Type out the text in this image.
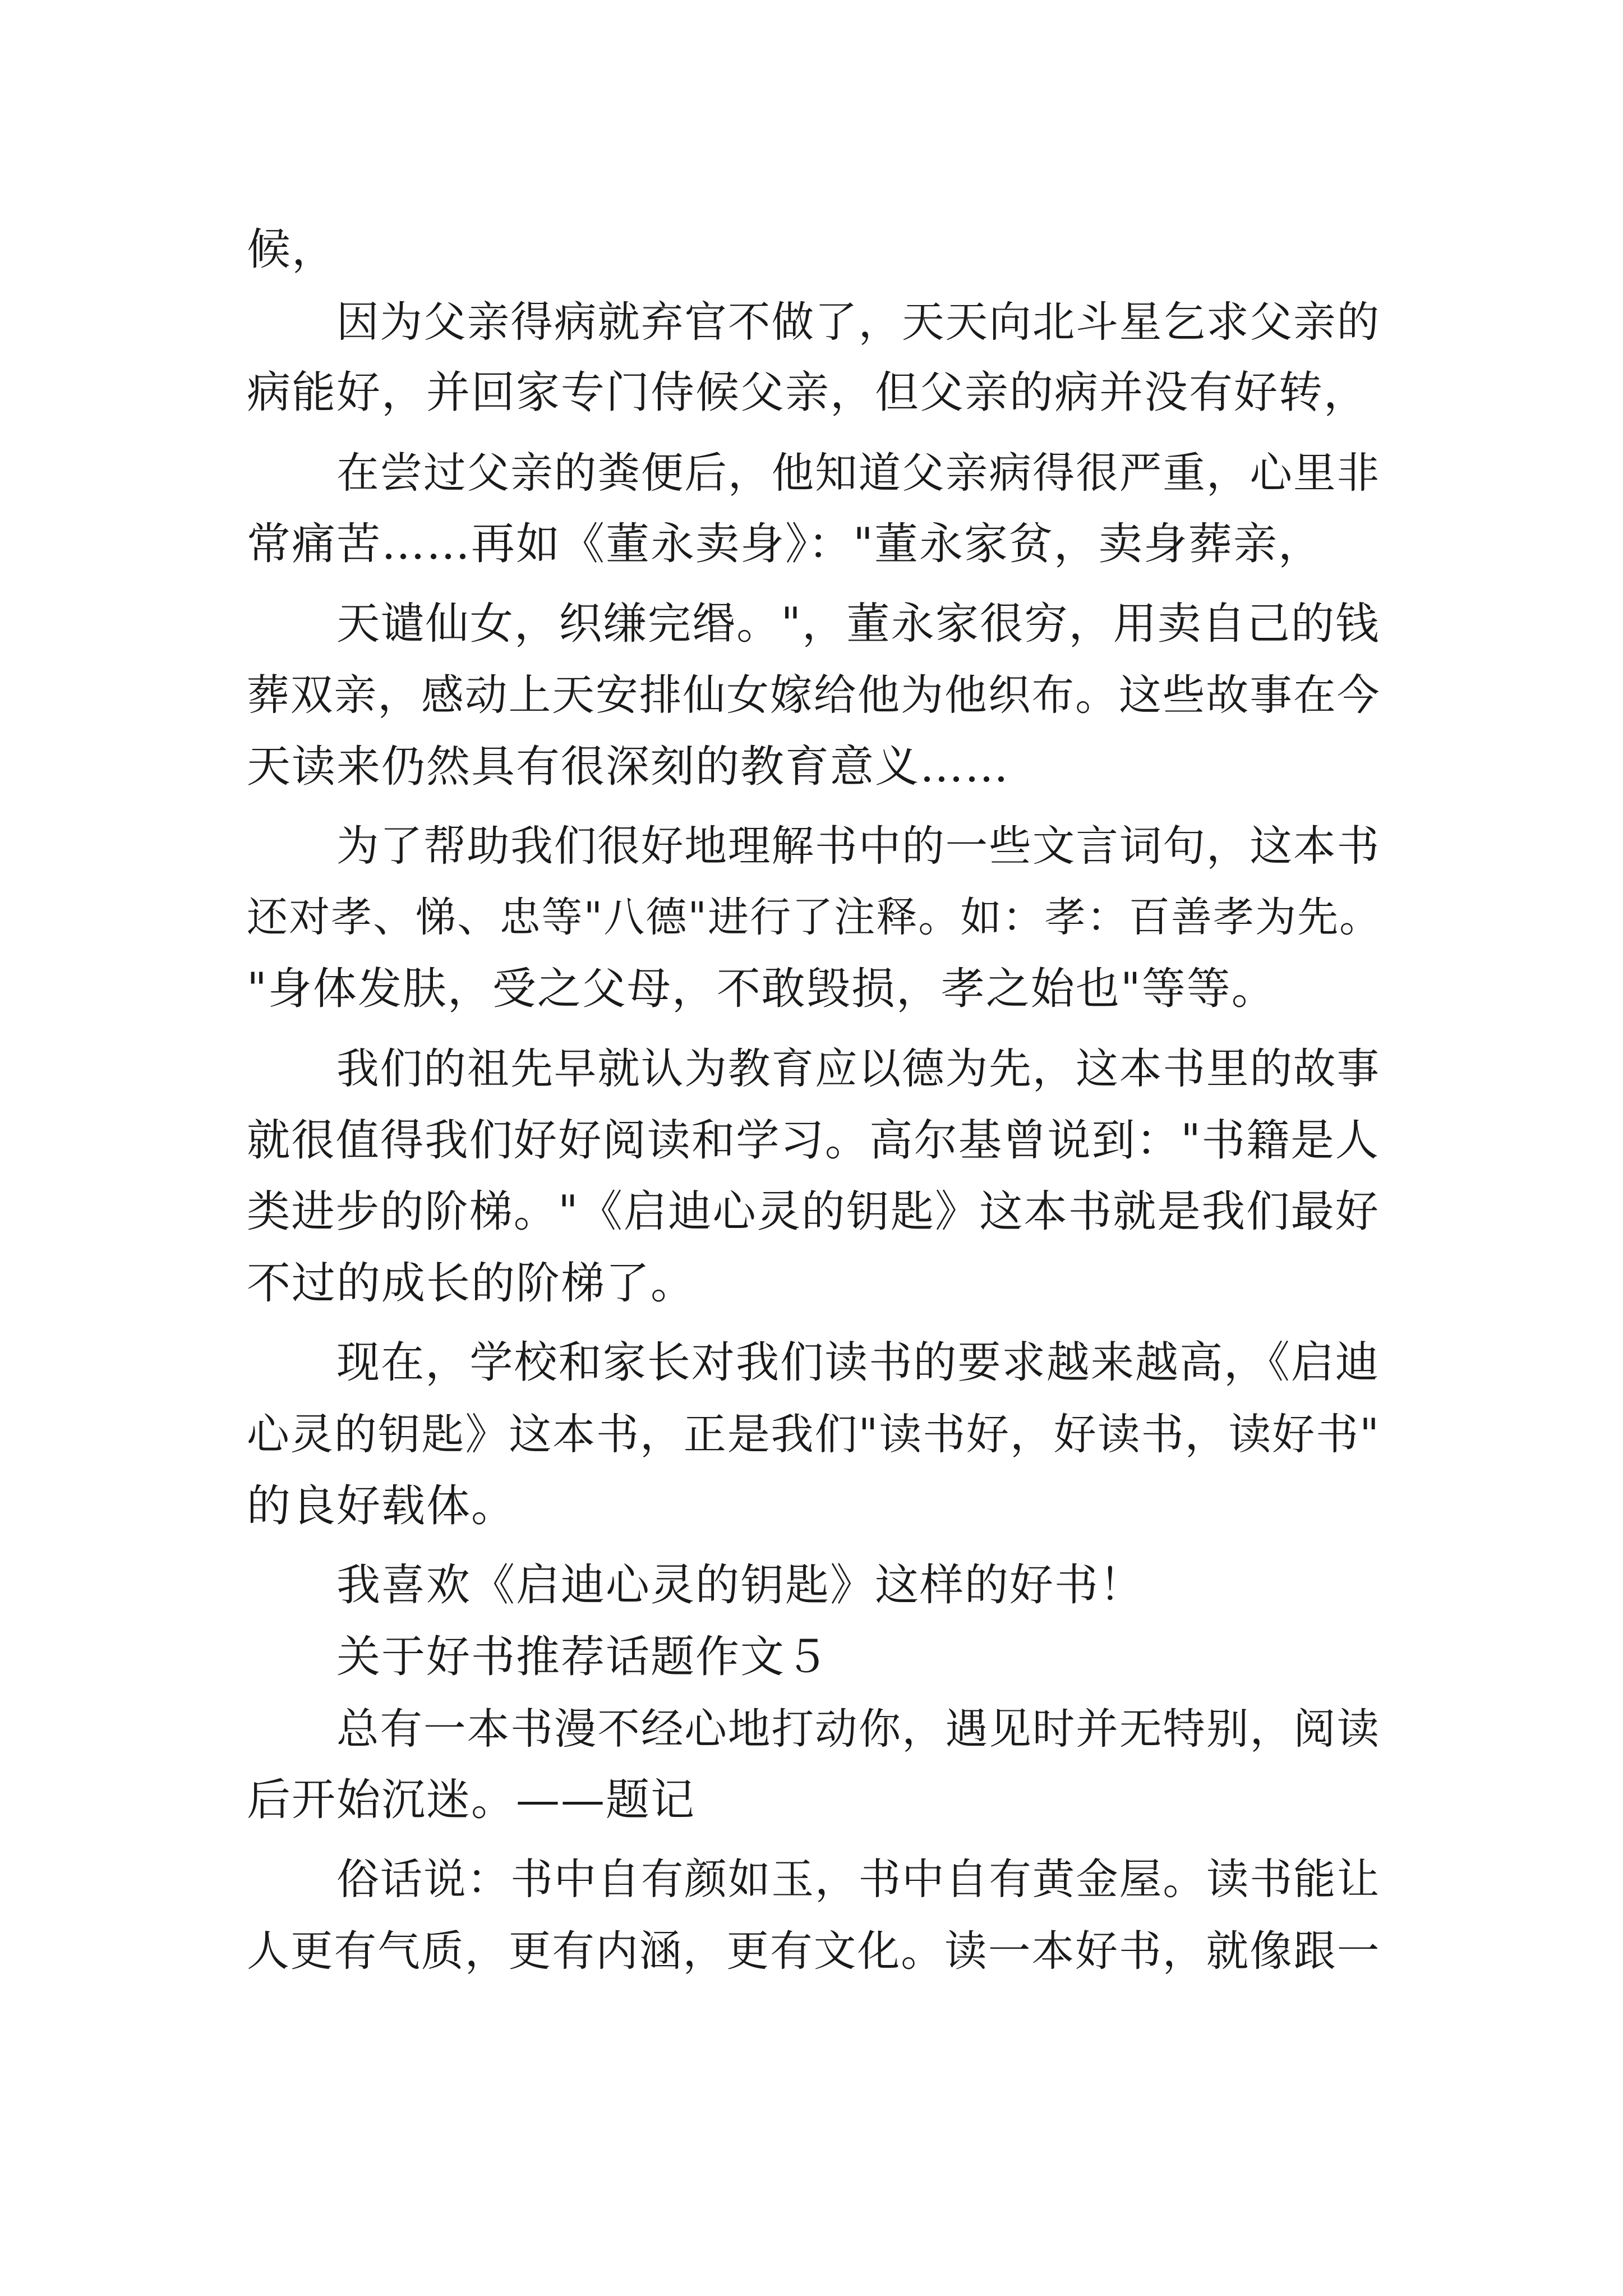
候，
因为父亲得病就弃官不做了，天天向北斗星乞求父亲的
病能好，并回家专门侍候父亲，但父亲的病并没有好转，
在尝过父亲的粪便后，他知道父亲病得很严重，心里非
常痛苦……再如《董永卖身》："董永家贫，卖身葬亲，
天谴仙女，织缣完缗。"，董永家很穷，用卖自己的钱
葬双亲，感动上天安排仙女嫁给他为他织布。这些故事在今
天读来仍然具有很深刻的教育意义……
为了帮助我们很好地理解书中的一些文言词句，这本书
还对孝、悌、忠等"八德"进行了注释。如：孝：百善孝为先。
"身体发肤，受之父母，不敢毁损，孝之始也"等等。
我们的祖先早就认为教育应以德为先，这本书里的故事
就很值得我们好好阅读和学习。高尔基曾说到："书籍是人
类进步的阶梯。"《启迪心灵的钥匙》这本书就是我们最好
不过的成长的阶梯了。
现在，学校和家长对我们读书的要求越来越高，《启迪
心灵的钥匙》这本书，正是我们"读书好，好读书，读好书"
的良好载体。
我喜欢《启迪心灵的钥匙》这样的好书！
关于好书推荐话题作文５
总有一本书漫不经心地打动你，遇见时并无特别，阅读
后开始沉迷。——题记
俗话说：书中自有颜如玉，书中自有黄金屋。读书能让
人更有气质，更有内涵，更有文化。读一本好书，就像跟一
